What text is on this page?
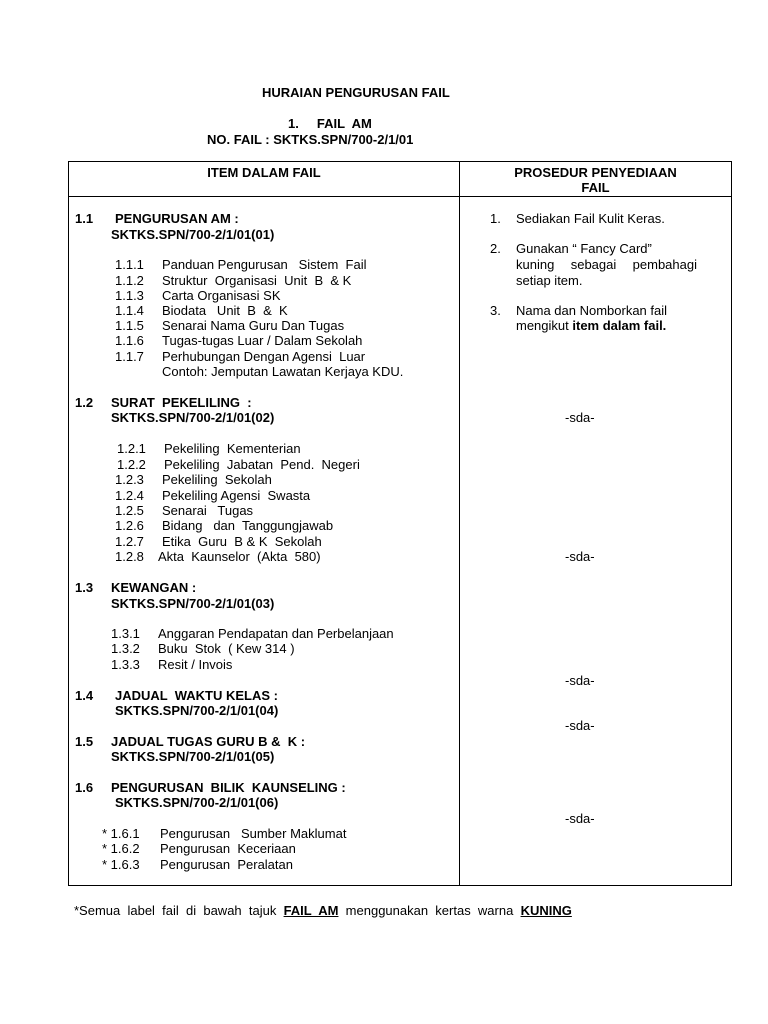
HURAIAN PENGURUSAN FAIL
1.     FAIL  AM
NO. FAIL : SKTKS.SPN/700-2/1/01
ITEM DALAM FAIL	PROSEDUR PENYEDIAAN
FAIL
1.1 PENGURUSAN AM :
SKTKS.SPN/700-2/1/01(01)
1.1.1 Panduan Pengurusan   Sistem  Fail
1.1.2 Struktur  Organisasi  Unit  B  & K
1.1.3 Carta Organisasi SK
1.1.4 Biodata   Unit  B  &  K
1.1.5 Senarai Nama Guru Dan Tugas
1.1.6 Tugas-tugas Luar / Dalam Sekolah
1.1.7 Perhubungan Dengan Agensi  Luar
Contoh: Jemputan Lawatan Kerjaya KDU.
1.2 SURAT  PEKELILING  :
SKTKS.SPN/700-2/1/01(02)
1.2.1 Pekeliling  Kementerian
1.2.2 Pekeliling  Jabatan  Pend.  Negeri
1.2.3 Pekeliling  Sekolah
1.2.4 Pekeliling Agensi  Swasta
1.2.5 Senarai   Tugas
1.2.6 Bidang   dan  Tanggungjawab
1.2.7 Etika  Guru  B & K  Sekolah
1.2.8 Akta  Kaunselor  (Akta  580)
1.3 KEWANGAN :
SKTKS.SPN/700-2/1/01(03)
1.3.1 Anggaran Pendapatan dan Perbelanjaan
1.3.2 Buku  Stok  ( Kew 314 )
1.3.3 Resit / Invois
1.4 JADUAL  WAKTU KELAS :
SKTKS.SPN/700-2/1/01(04)
1.5 JADUAL TUGAS GURU B &  K :
SKTKS.SPN/700-2/1/01(05)
1.6 PENGURUSAN  BILIK  KAUNSELING :
SKTKS.SPN/700-2/1/01(06)
* 1.6.1 Pengurusan   Sumber Maklumat
* 1.6.2 Pengurusan  Keceriaan
* 1.6.3 Pengurusan  Peralatan
1. Sediakan Fail Kulit Keras.
2. Gunakan “ Fancy Card”
kuning sebagai pembahagi
setiap item.
3. Nama dan Nomborkan fail
mengikut item dalam fail.
-sda-
-sda-
-sda-
-sda-
-sda-
*Semua  label  fail  di  bawah  tajuk  FAIL  AM  menggunakan  kertas  warna  KUNING
